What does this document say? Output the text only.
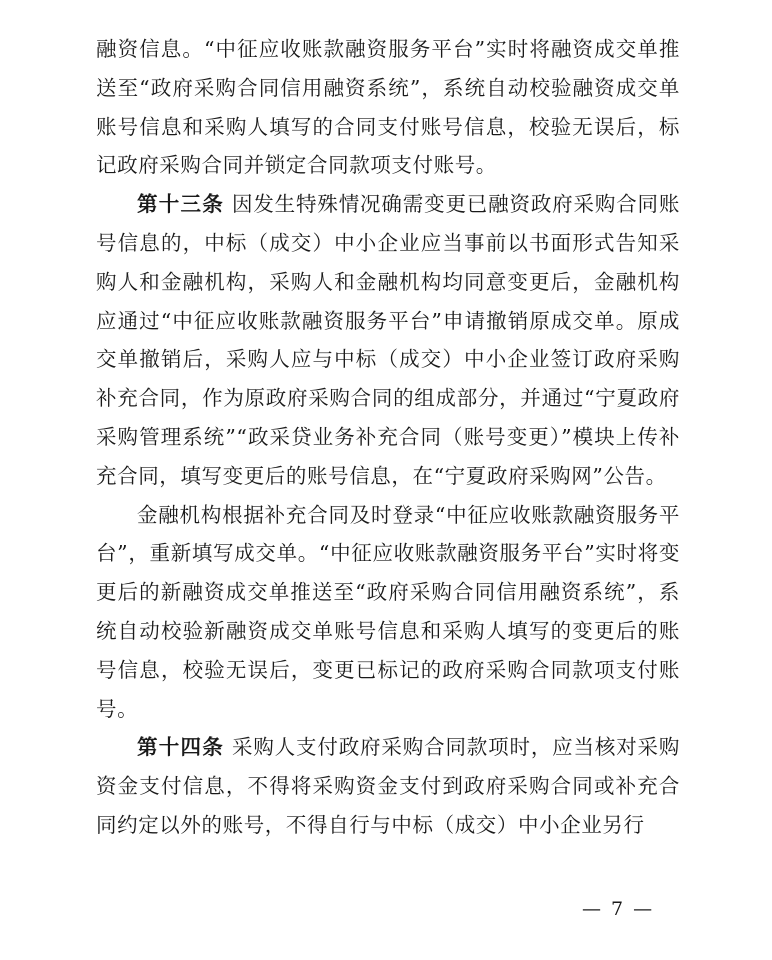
融资信息。“中征应收账款融资服务平台”实时将融资成交单推送至“政府采购合同信用融资系统”，系统自动校验融资成交单账号信息和采购人填写的合同支付账号信息，校验无误后，标记政府采购合同并锁定合同款项支付账号。

第十三条 因发生特殊情况确需变更已融资政府采购合同账号信息的，中标（成交）中小企业应当事前以书面形式告知采购人和金融机构，采购人和金融机构均同意变更后，金融机构应通过“中征应收账款融资服务平台”申请撤销原成交单。原成交单撤销后，采购人应与中标（成交）中小企业签订政府采购补充合同，作为原政府采购合同的组成部分，并通过“宁夏政府采购管理系统”“政采贷业务补充合同（账号变更）”模块上传补充合同，填写变更后的账号信息，在“宁夏政府采购网”公告。

金融机构根据补充合同及时登录“中征应收账款融资服务平台”，重新填写成交单。“中征应收账款融资服务平台”实时将变更后的新融资成交单推送至“政府采购合同信用融资系统”，系统自动校验新融资成交单账号信息和采购人填写的变更后的账号信息，校验无误后，变更已标记的政府采购合同款项支付账号。

第十四条 采购人支付政府采购合同款项时，应当核对采购资金支付信息，不得将采购资金支付到政府采购合同或补充合同约定以外的账号，不得自行与中标（成交）中小企业另行

— 7 —
